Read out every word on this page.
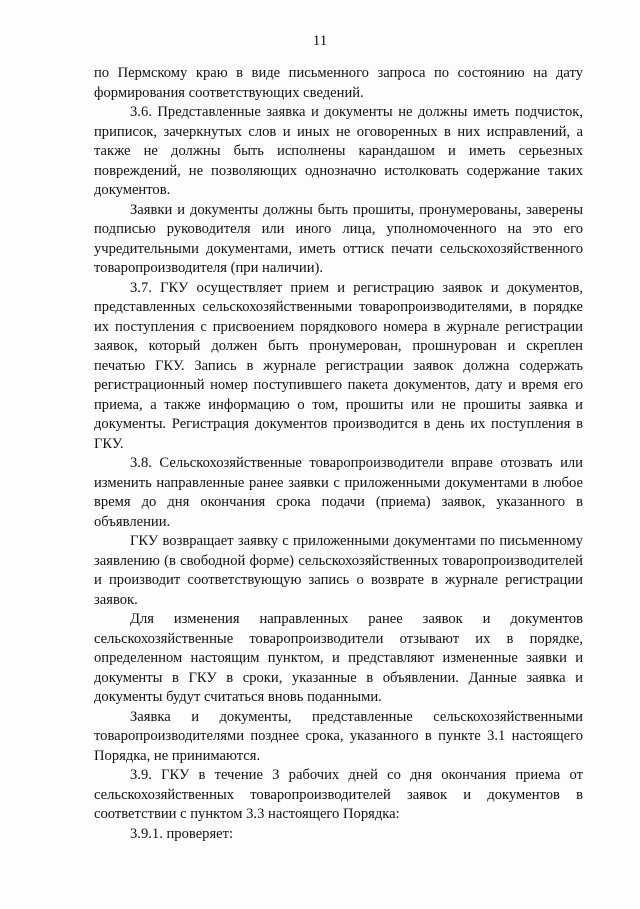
11

по Пермскому краю в виде письменного запроса по состоянию на дату формирования соответствующих сведений.

3.6. Представленные заявка и документы не должны иметь подчисток, приписок, зачеркнутых слов и иных не оговоренных в них исправлений, а также не должны быть исполнены карандашом и иметь серьезных повреждений, не позволяющих однозначно истолковать содержание таких документов.

Заявки и документы должны быть прошиты, пронумерованы, заверены подписью руководителя или иного лица, уполномоченного на это его учредительными документами, иметь оттиск печати сельскохозяйственного товаропроизводителя (при наличии).

3.7. ГКУ осуществляет прием и регистрацию заявок и документов, представленных сельскохозяйственными товаропроизводителями, в порядке их поступления с присвоением порядкового номера в журнале регистрации заявок, который должен быть пронумерован, прошнурован и скреплен печатью ГКУ. Запись в журнале регистрации заявок должна содержать регистрационный номер поступившего пакета документов, дату и время его приема, а также информацию о том, прошиты или не прошиты заявка и документы. Регистрация документов производится в день их поступления в ГКУ.

3.8. Сельскохозяйственные товаропроизводители вправе отозвать или изменить направленные ранее заявки с приложенными документами в любое время до дня окончания срока подачи (приема) заявок, указанного в объявлении.

ГКУ возвращает заявку с приложенными документами по письменному заявлению (в свободной форме) сельскохозяйственных товаропроизводителей и производит соответствующую запись о возврате в журнале регистрации заявок.

Для изменения направленных ранее заявок и документов сельскохозяйственные товаропроизводители отзывают их в порядке, определенном настоящим пунктом, и представляют измененные заявки и документы в ГКУ в сроки, указанные в объявлении. Данные заявка и документы будут считаться вновь поданными.

Заявка и документы, представленные сельскохозяйственными товаропроизводителями позднее срока, указанного в пункте 3.1 настоящего Порядка, не принимаются.

3.9. ГКУ в течение 3 рабочих дней со дня окончания приема от сельскохозяйственных товаропроизводителей заявок и документов в соответствии с пунктом 3.3 настоящего Порядка:

3.9.1. проверяет:
